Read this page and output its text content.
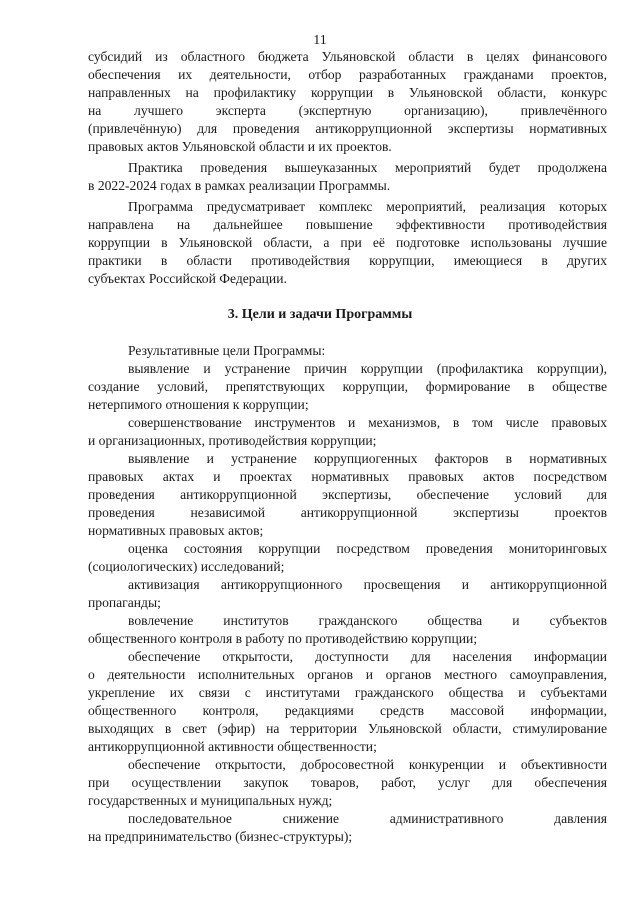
11
субсидий из областного бюджета Ульяновской области в целях финансового
обеспечения их деятельности, отбор разработанных гражданами проектов,
направленных на профилактику коррупции в Ульяновской области, конкурс
на лучшего эксперта (экспертную организацию), привлечённого
(привлечённую) для проведения антикоррупционной экспертизы нормативных
правовых актов Ульяновской области и их проектов.
Практика проведения вышеуказанных мероприятий будет продолжена
в 2022-2024 годах в рамках реализации Программы.
Программа предусматривает комплекс мероприятий, реализация которых
направлена на дальнейшее повышение эффективности противодействия
коррупции в Ульяновской области, а при её подготовке использованы лучшие
практики в области противодействия коррупции, имеющиеся в других
субъектах Российской Федерации.
3. Цели и задачи Программы
Результативные цели Программы:
выявление и устранение причин коррупции (профилактика коррупции),
создание условий, препятствующих коррупции, формирование в обществе
нетерпимого отношения к коррупции;
совершенствование инструментов и механизмов, в том числе правовых
и организационных, противодействия коррупции;
выявление и устранение коррупциогенных факторов в нормативных
правовых актах и проектах нормативных правовых актов посредством
проведения антикоррупционной экспертизы, обеспечение условий для
проведения независимой антикоррупционной экспертизы проектов
нормативных правовых актов;
оценка состояния коррупции посредством проведения мониторинговых
(социологических) исследований;
активизация антикоррупционного просвещения и антикоррупционной
пропаганды;
вовлечение институтов гражданского общества и субъектов
общественного контроля в работу по противодействию коррупции;
обеспечение открытости, доступности для населения информации
о деятельности исполнительных органов и органов местного самоуправления,
укрепление их связи с институтами гражданского общества и субъектами
общественного контроля, редакциями средств массовой информации,
выходящих в свет (эфир) на территории Ульяновской области, стимулирование
антикоррупционной активности общественности;
обеспечение открытости, добросовестной конкуренции и объективности
при осуществлении закупок товаров, работ, услуг для обеспечения
государственных и муниципальных нужд;
последовательное снижение административного давления
на предпринимательство (бизнес-структуры);
